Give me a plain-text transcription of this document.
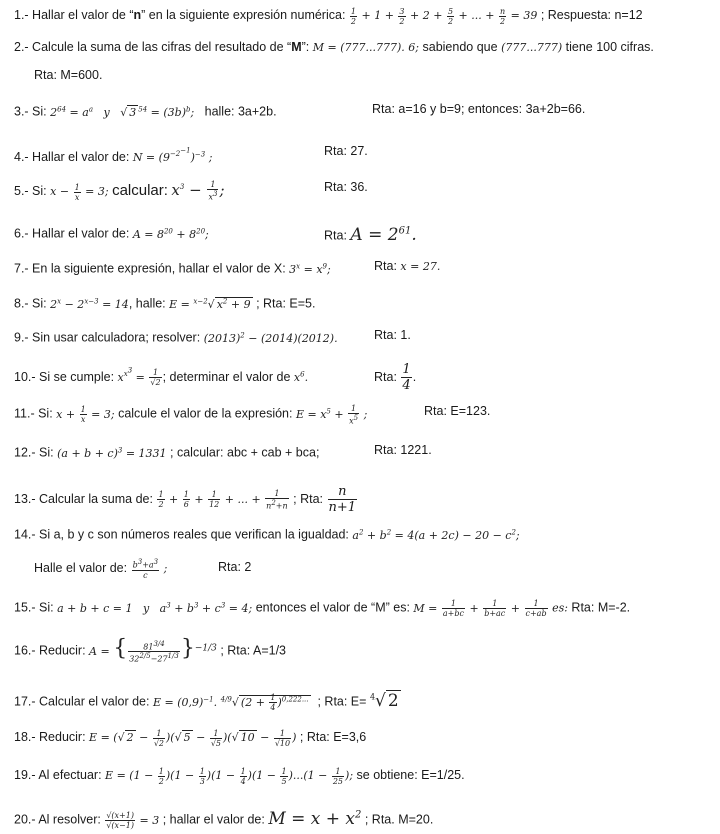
1.- Hallar el valor de “n” en la siguiente expresión numérica: $\frac{1}{2} + 1 + \frac{3}{2} + 2 + \frac{5}{2}$ + ... + $\frac{n}{2} = 39$ ; Respuesta: n=12
2.- Calcule la suma de las cifras del resultado de “M”: M = (777...777). 6; sabiendo que (777...777) tiene 100 cifras.
Rta: M=600.
3.- Si: $2^{64} = a^a$   y   √ 3 $^{54} = (3b)^b$; halle: 3a+2b.	Rta: a=16 y b=9; entonces: 3a+2b=66.
4.- Hallar el valor de: $N = (9^{-2^{-1}})^{-3}$ ;	Rta: 27.
5.- Si: $x - \frac{1}{x} = 3$; calcular: $x^3 - \frac{1}{x^3}$ ;	Rta: 36.
6.- Hallar el valor de: $A = 8^{20} + 8^{20}$;	Rta: $A = 2^{61}$.
7.- En la siguiente expresión, hallar el valor de X: $3^x = x^9$;	Rta: x = 27.
8.- Si: $2^x - 2^{x-3} = 14$, halle: E = $^{x-2}$√ $x^2 + 9$ ; Rta: E=5.
9.- Sin usar calculadora; resolver: $(2013)^2 - (2014)(2012)$.	Rta: 1.
10.- Si se cumple: $x^{x^3} = \frac{1}{√2}$ ; determinar el valor de $x^6$.	Rta: $\frac{1}{4}$ .
11.- Si: $x + \frac{1}{x} = 3$; calcule el valor de la expresión: $E = x^5 + \frac{1}{x^5}$ ;	Rta: E=123.
12.- Si: $(a + b + c)^3 = 1331$ ; calcular: abc + cab + bca;	Rta: 1221.
13.- Calcular la suma de: $\frac{1}{2} + \frac{1}{6} + \frac{1}{12}$ + ... + $\frac{1}{n^2+n}$ ; Rta: $\frac{n}{n+1}$
14.- Si a, b y c son números reales que verifican la igualdad: $a^2 + b^2 = 4(a + 2c) - 20 - c^2$;
Halle el valor de: $\frac{b^3+a^3}{c}$ ;	Rta: 2
15.- Si: a + b + c = 1   y   $a^3 + b^3 + c^3 = 4$; entonces el valor de “M” es: $M = \frac{1}{a+bc} + \frac{1}{b+ac} + \frac{1}{c+ab}$ es: Rta: M=-2.
16.- Reducir: A = { $\frac{81^{3/4}}{32^{2/5}-27^{1/3}} \}^{-1/3}$ ; Rta: A=1/3
17.- Calcular el valor de: $E = (0,9)^{-1}$. $^{4/9}$√ $(2 + \frac{1}{4} )^{0,222...}$ ; Rta: E= $^4$√ 2
18.- Reducir: E = (√ $2 - \frac{1}{√2}$ )(√ $5 - \frac{1}{√5}$ )(√ $10 - \frac{1}{√10}$ ) ; Rta: E=3,6
19.- Al efectuar: $E = (1 - \frac{1}{2} )(1 - \frac{1}{3} )(1 - \frac{1}{4} )(1 - \frac{1}{5} )...(1 - \frac{1}{25}$ ); se obtiene: E=1/25.
20.- Al resolver: $\frac{√(x+1)}{√(x-1)} = 3$ ; hallar el valor de: $M = x + x^2$ ; Rta. M=20.
